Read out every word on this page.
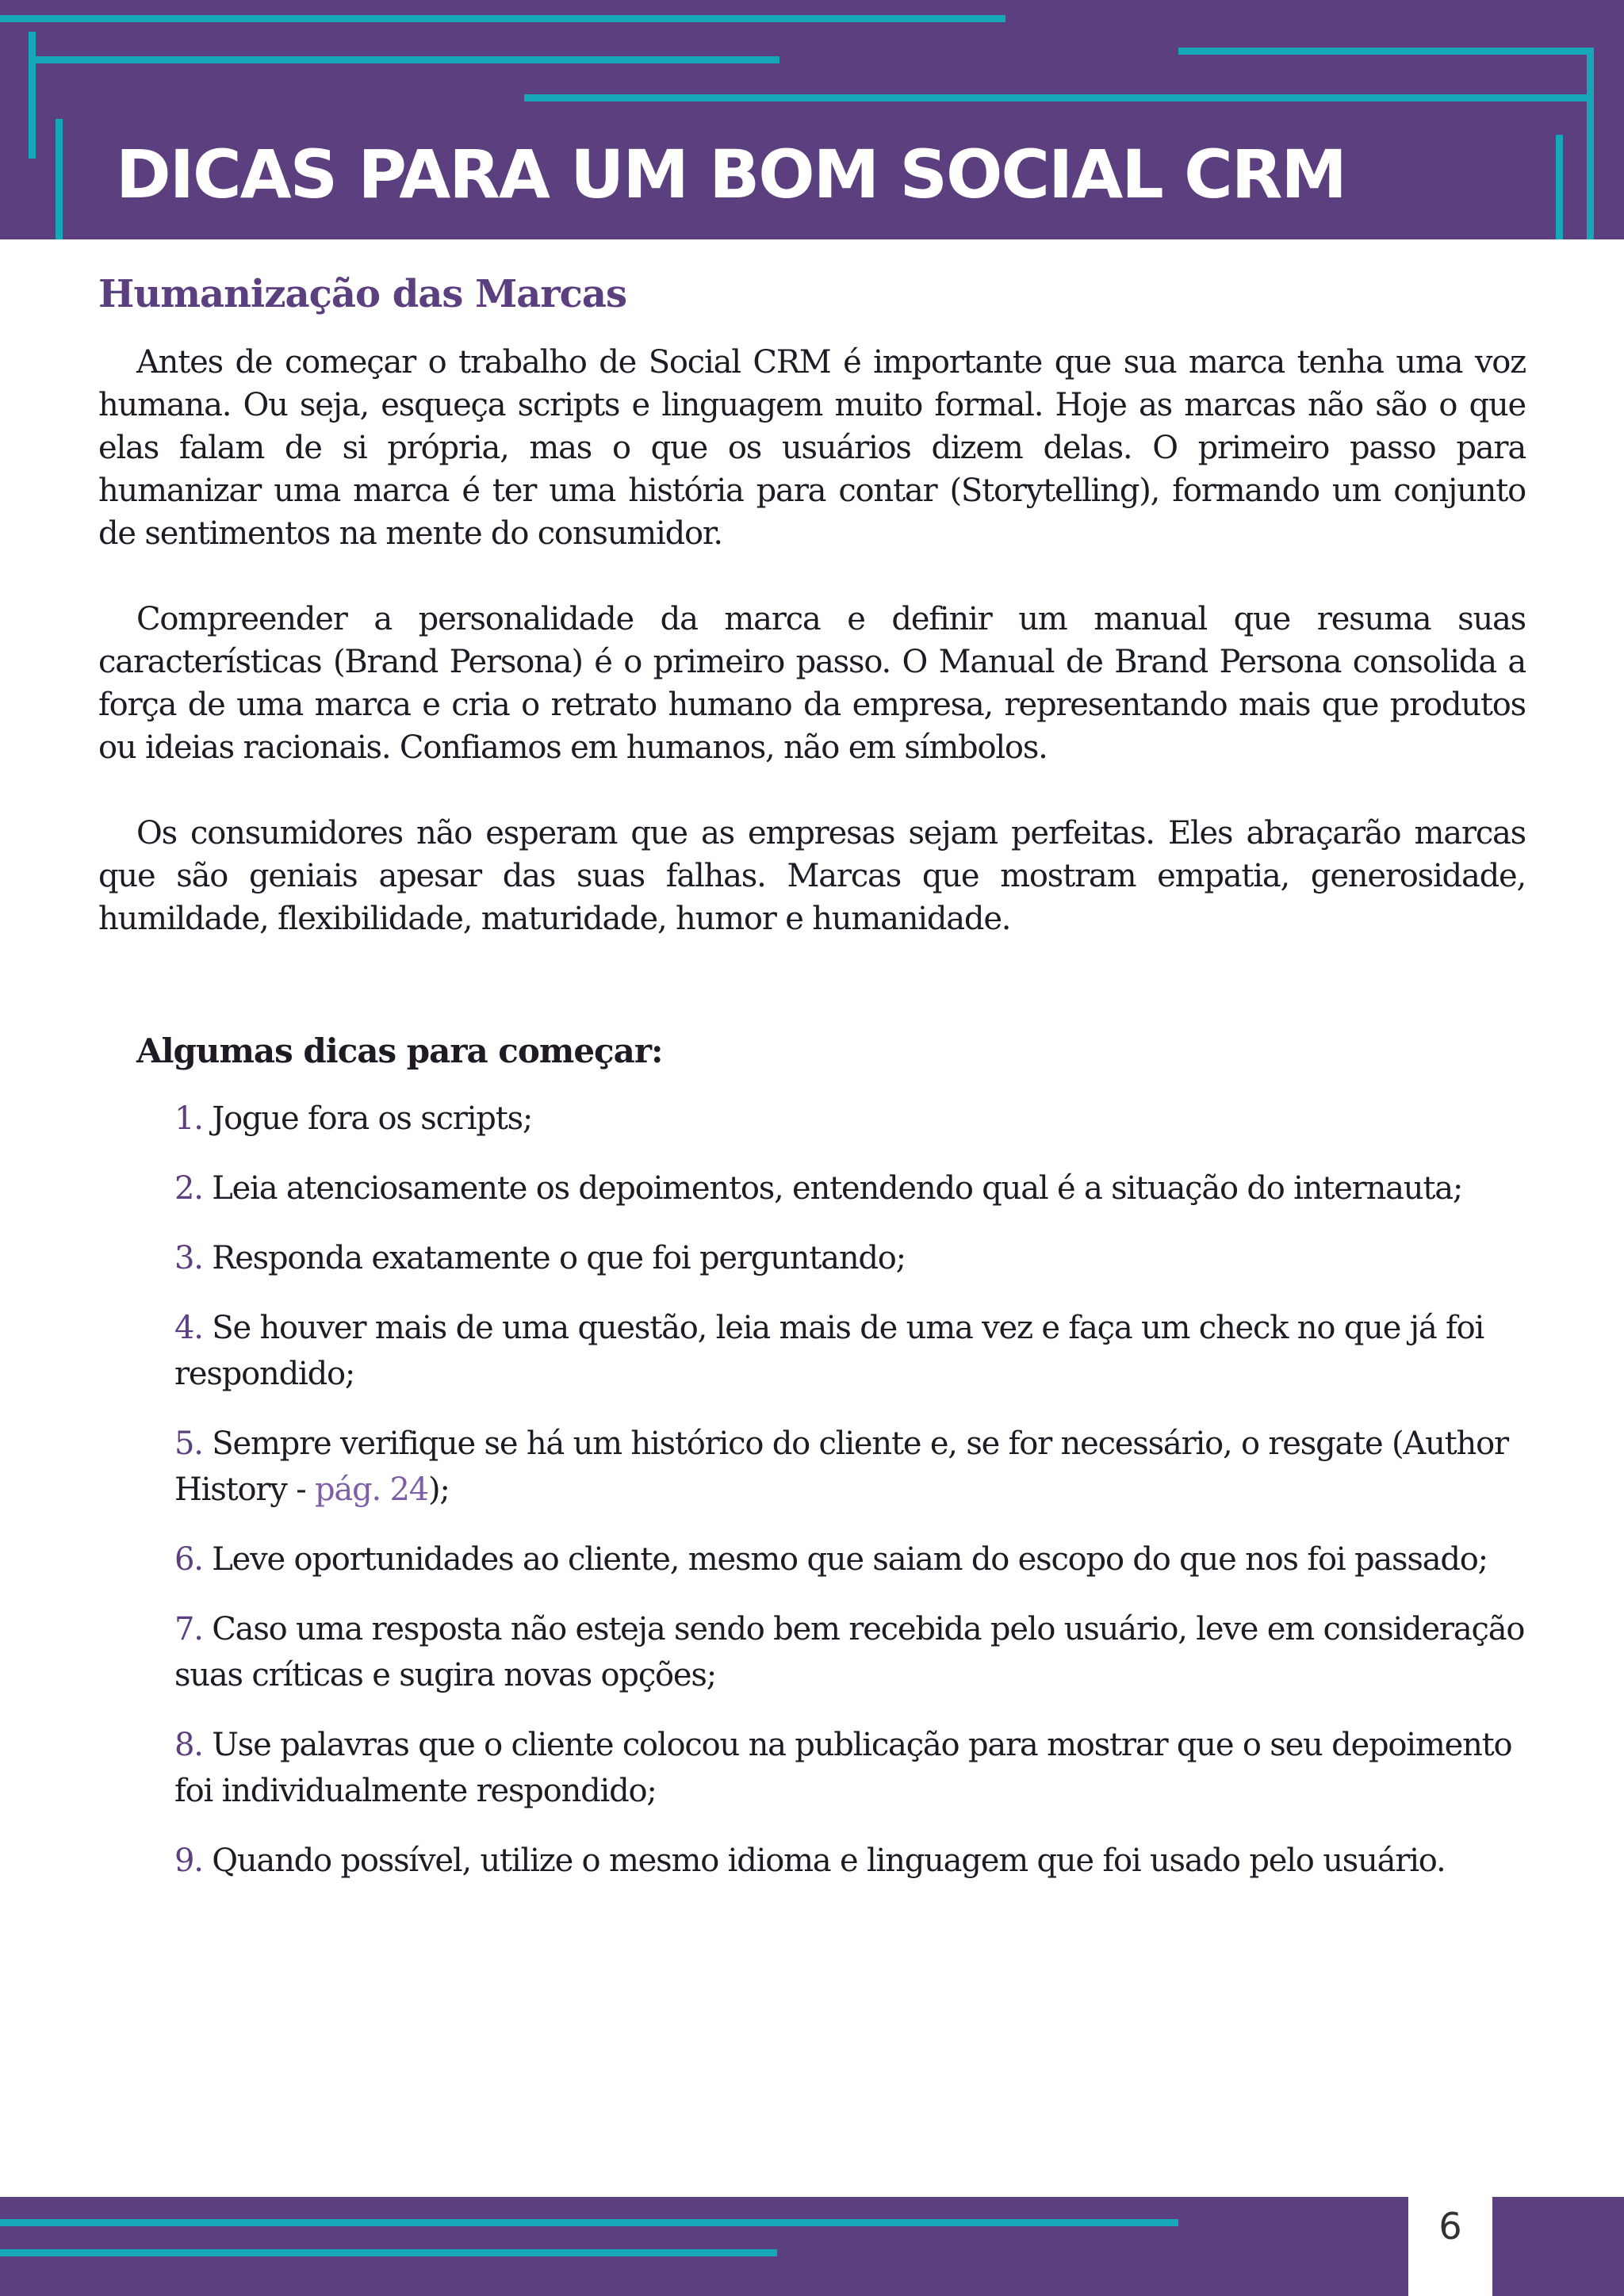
DICAS PARA UM BOM SOCIAL CRM
Humanização das Marcas

Antes de começar o trabalho de Social CRM é importante que sua marca tenha uma voz humana. Ou seja, esqueça scripts e linguagem muito formal. Hoje as marcas não são o que elas falam de si própria, mas o que os usuários dizem delas. O primeiro passo para humanizar uma marca é ter uma história para contar (Storytelling), formando um conjunto de sentimentos na mente do consumidor.

Compreender a personalidade da marca e definir um manual que resuma suas características (Brand Persona) é o primeiro passo. O Manual de Brand Persona consolida a força de uma marca e cria o retrato humano da empresa, representando mais que produtos ou ideias racionais. Confiamos em humanos, não em símbolos.

Os consumidores não esperam que as empresas sejam perfeitas. Eles abraçarão marcas que são geniais apesar das suas falhas. Marcas que mostram empatia, generosidade, humildade, flexibilidade, maturidade, humor e humanidade.

Algumas dicas para começar:
1. Jogue fora os scripts;
2. Leia atenciosamente os depoimentos, entendendo qual é a situação do internauta;
3. Responda exatamente o que foi perguntando;
4. Se houver mais de uma questão, leia mais de uma vez e faça um check no que já foi respondido;
5. Sempre verifique se há um histórico do cliente e, se for necessário, o resgate (Author History - pág. 24);
6. Leve oportunidades ao cliente, mesmo que saiam do escopo do que nos foi passado;
7. Caso uma resposta não esteja sendo bem recebida pelo usuário, leve em consideração suas críticas e sugira novas opções;
8. Use palavras que o cliente colocou na publicação para mostrar que o seu depoimento foi individualmente respondido;
9. Quando possível, utilize o mesmo idioma e linguagem que foi usado pelo usuário.
6
